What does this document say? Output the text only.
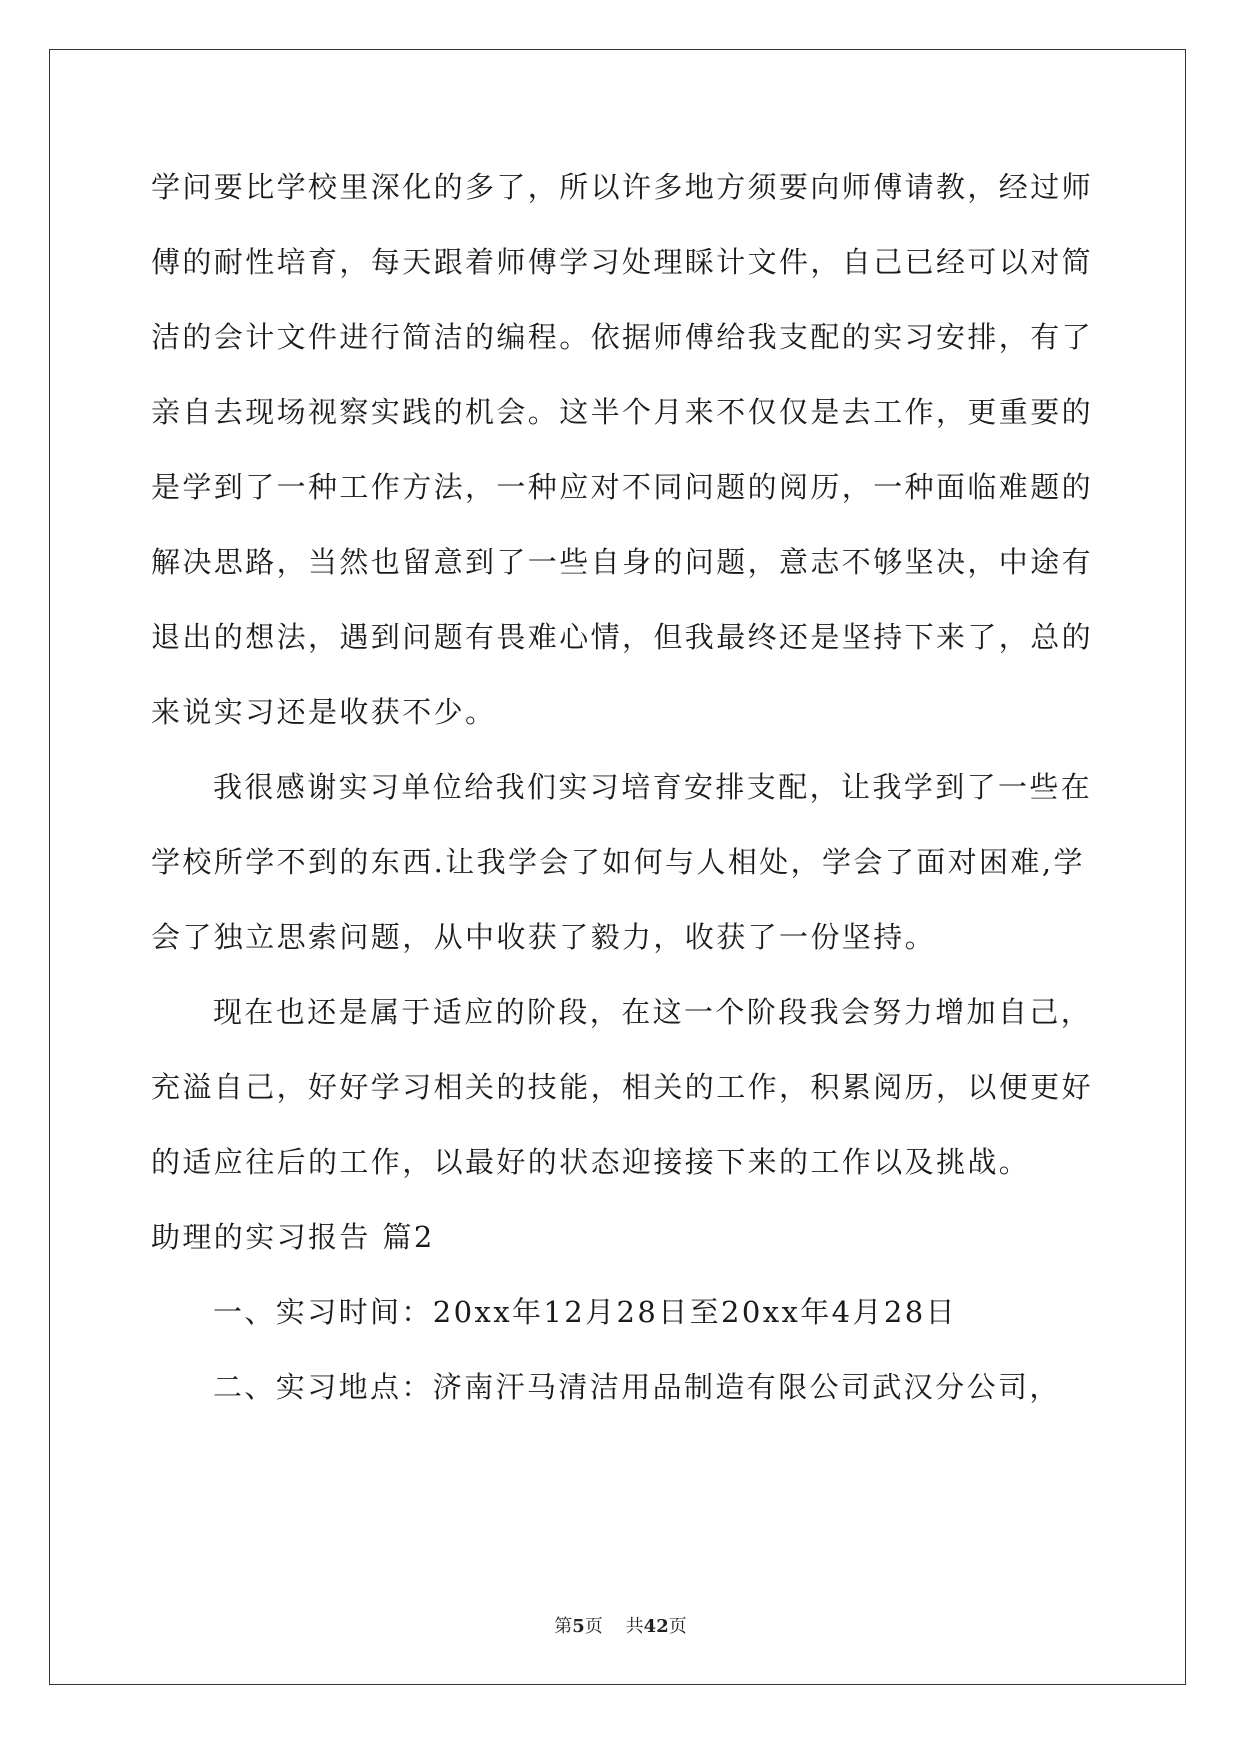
学问要比学校里深化的多了，所以许多地方须要向师傅请教，经过师
傅的耐性培育，每天跟着师傅学习处理睬计文件，自己已经可以对简
洁的会计文件进行简洁的编程。依据师傅给我支配的实习安排，有了
亲自去现场视察实践的机会。这半个月来不仅仅是去工作，更重要的
是学到了一种工作方法，一种应对不同问题的阅历，一种面临难题的
解决思路，当然也留意到了一些自身的问题，意志不够坚决，中途有
退出的想法，遇到问题有畏难心情，但我最终还是坚持下来了，总的
来说实习还是收获不少。
我很感谢实习单位给我们实习培育安排支配，让我学到了一些在
学校所学不到的东西.让我学会了如何与人相处，学会了面对困难,学
会了独立思索问题，从中收获了毅力，收获了一份坚持。
现在也还是属于适应的阶段，在这一个阶段我会努力增加自己，
充溢自己，好好学习相关的技能，相关的工作，积累阅历，以便更好
的适应往后的工作，以最好的状态迎接接下来的工作以及挑战。
助理的实习报告 篇2
一、实习时间：20xx年12月28日至20xx年4月28日
二、实习地点：济南汗马清洁用品制造有限公司武汉分公司，
第5页 共42页
